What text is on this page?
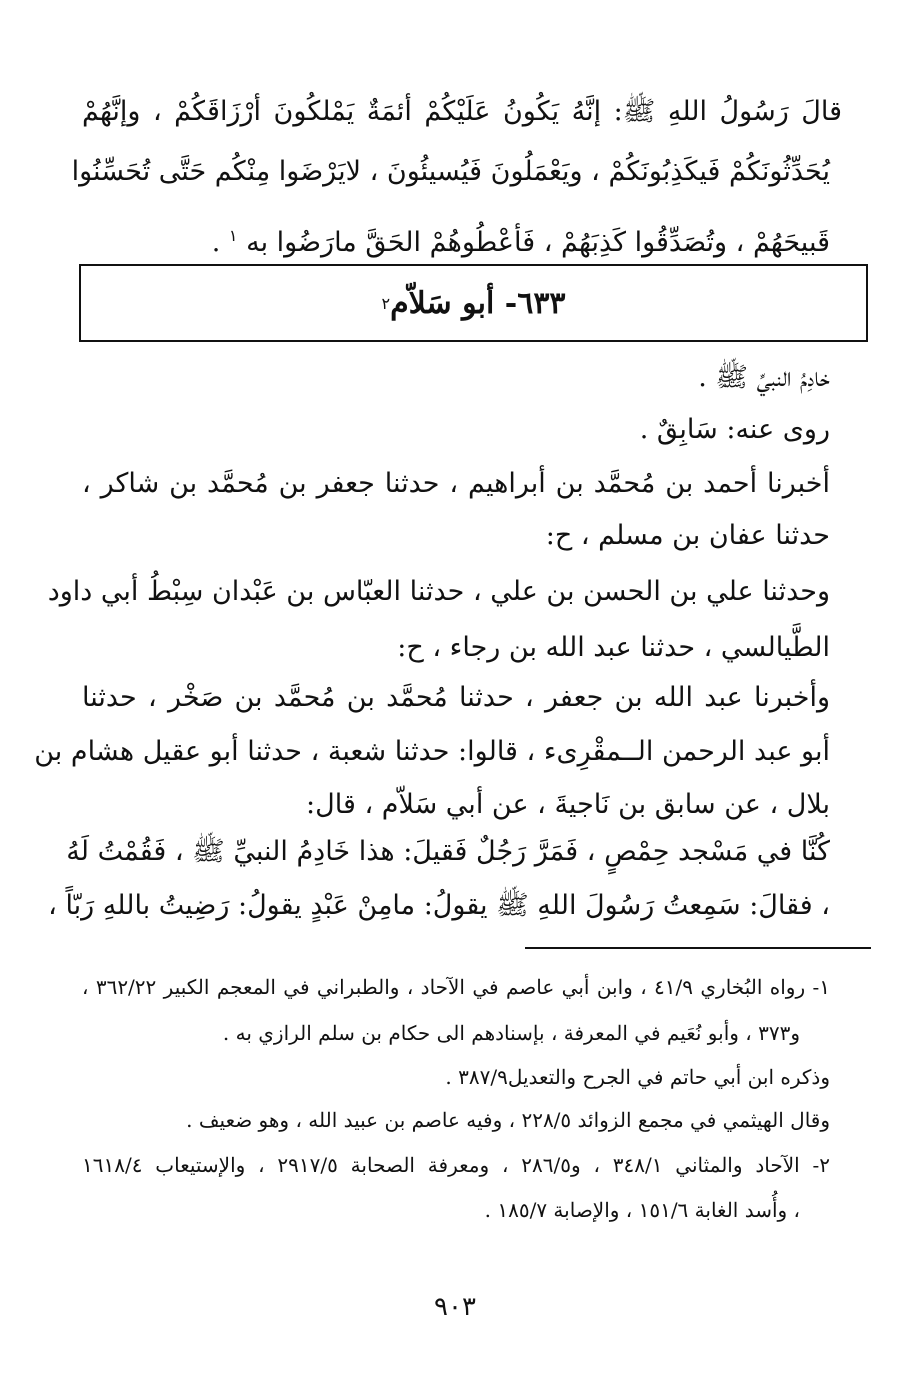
قالَ رَسُولُ اللهِ ﷺ: إنَّهُ يَكُونُ عَلَيْكُمْ أئمَةٌ يَمْلكُونَ أرْزَاقَكُمْ ، وإنَّهُمْ
يُحَدِّثُونَكُمْ فَيكَذِبُونَكُمْ ، ويَعْمَلُونَ فَيُسيئُونَ ، لايَرْضَوا مِنْكُم حَتَّى تُحَسِّنُوا
قَبيحَهُمْ ، وتُصَدِّقُوا كَذِبَهُمْ ، فَأعْطُوهُمْ الحَقَّ مارَضُوا به $^١$ .
٦٣٣- أبو سَلاّم
٢
خادِمُ النبيِّ ﷺ .
روى عنه: سَابِقٌ .
أخبرنا أحمد بن مُحمَّد بن أبراهيم ، حدثنا جعفر بن مُحمَّد بن شاكر ،
حدثنا عفان بن مسلم ، ح:
وحدثنا علي بن الحسن بن علي ، حدثنا العبّاس بن عَبْدان سِبْطُ أبي داود
الطَّيالسي ، حدثنا عبد الله بن رجاء ، ح:
وأخبرنا عبد الله بن جعفر ، حدثنا مُحمَّد بن مُحمَّد بن صَخْر ، حدثنا
أبو عبد الرحمن الــمقْرِىء ، قالوا: حدثنا شعبة ، حدثنا أبو عقيل هشام بن
بلال ، عن سابق بن نَاجيةَ ، عن أبي سَلاّم ، قال:
كُنَّا في مَسْجد حِمْصٍ ، فَمَرَّ رَجُلٌ فَقيلَ: هذا خَادِمُ النبيِّ ﷺ ، فَقُمْتُ لَهُ
، فقالَ: سَمِعتُ رَسُولَ اللهِ ﷺ يقولُ: مامِنْ عَبْدٍ يقولُ: رَضِيتُ باللهِ رَبّاً ،
١- رواه البُخاري ٤١/٩ ، وابن أبي عاصم في الآحاد ، والطبراني في المعجم الكبير ٣٦٢/٢٢ ،
و٣٧٣ ، وأبو نُعَيم في المعرفة ، بإسنادهم الى حكام بن سلم الرازي به .
وذكره ابن أبي حاتم في الجرح والتعديل٣٨٧/٩ .
وقال الهيثمي في مجمع الزوائد ٢٢٨/٥ ، وفيه عاصم بن عبيد الله ، وهو ضعيف .
٢- الآحاد والمثاني ٣٤٨/١ ، و٢٨٦/٥ ، ومعرفة الصحابة ٢٩١٧/٥ ، والإستيعاب ١٦١٨/٤
، وأُسد الغابة ١٥١/٦ ، والإصابة ١٨٥/٧ .
٩٠٣
